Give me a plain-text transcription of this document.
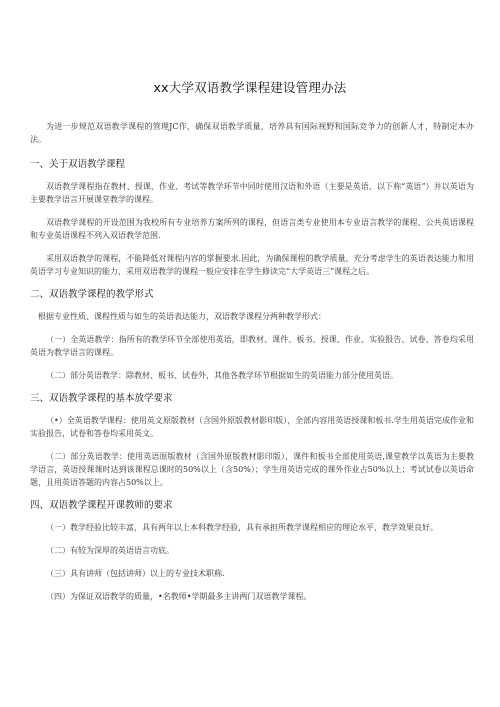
xx大学双语教学课程建设管理办法

为进一步规范双语教学课程的管理JC作，确保双语教学质量，培养具有国际视野和国际竞争力的创新人才，特制定本办法。

一、关于双语教学课程

双语教学课程指在教材、授课、作业、考试等教学环节中同时使用汉语和外语（主要是英语，以下称“英语”）并以英语为主要教学语言开展课堂教学的课程。

双语教学课程的开设范围为我校所有专业培养方案所列的课程，但语言类专业使用本专业语言教学的课程、公共英语课程和专业英语课程不列入双语教学范围.

采用双语教学的课程，不能降低对课程内容的掌握要求.因此，为确保课程的教学质量，充分考虑学生的英语表达能力和用英语学习专业知识的能力，采用双语教学的课程一般应安排在学生修读完“大学英语三”课程之后。

二、双语教学课程的教学形式

根据专业性质、课程性质与如生的英语表达能力，双语教学课程分两种教学形式：

（一）全英语教学：指所有的教学环节全部使用英语，即教材、课件、板书、授课、作业、实验报告、试卷、答卷均采用英语为教学语言的课程。

（二）部分英语教学：除教材、板书、试卷外，其他各教学环节根据如生的英语能力部分使用英语。

三、双语教学课程的基本放学要求

（•）全英语教学课程：使用英文原版教材（含国外原版教材影印版），全部内容用英语授课和板书.学生用英语完成作业和实验报告，试卷和答卷均采用英文。

（二）部分英语教学：使用英语原版教材（含国外原版教材影印版），课件和板书全部使用英语,课堂教学以英语为主要教学语言，英语授课课时达到该课程总课时的50%以上（含50%）；学生用英语完成的课外作业占50%以上；考试试卷以英语命题，且用英语答题的内容占50%以上。

四、双语教学课程开课教师的要求

（一）教学经验比较丰富，具有两年以上本科教学经验，具有承担所教学课程相应的理论水平，教学效果良好。

（二）有较为深厚的英语语言功底。

（三）具有讲师（包括讲师）以上的专业技术职称.

（四）为保证双语教学的质量，•名教师•学期最多主讲两门双语教学课程。
